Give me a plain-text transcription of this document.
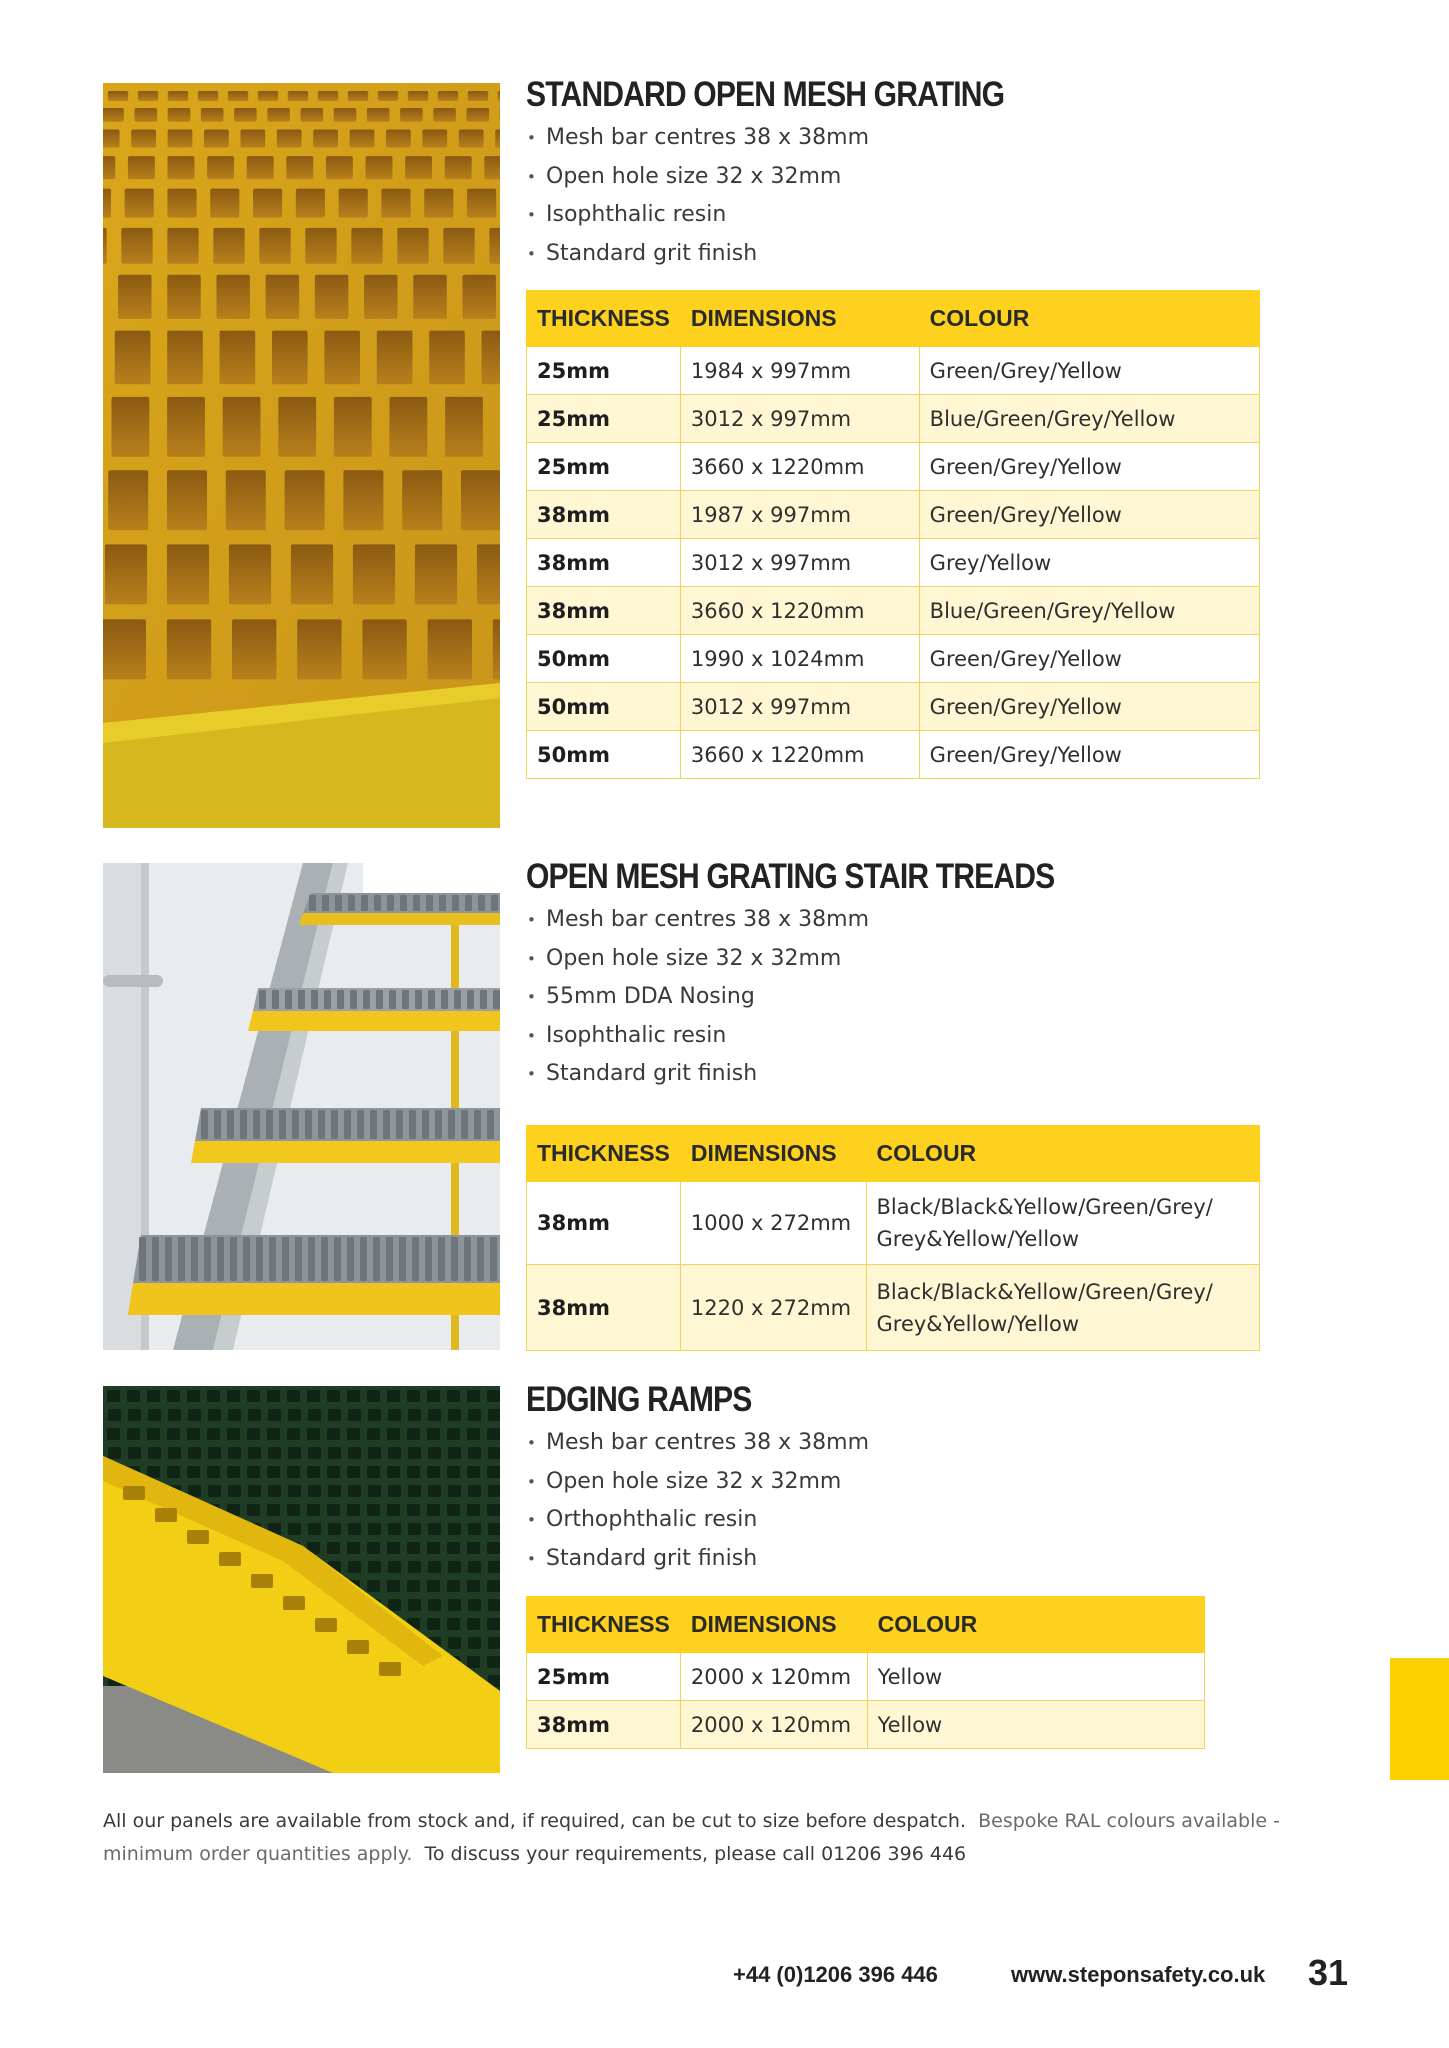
STANDARD OPEN MESH GRATING
• Mesh bar centres 38 x 38mm
• Open hole size 32 x 32mm
• Isophthalic resin
• Standard grit finish
THICKNESS	DIMENSIONS	COLOUR
25mm	1984 x 997mm	Green/Grey/Yellow
25mm	3012 x 997mm	Blue/Green/Grey/Yellow
25mm	3660 x 1220mm	Green/Grey/Yellow
38mm	1987 x 997mm	Green/Grey/Yellow
38mm	3012 x 997mm	Grey/Yellow
38mm	3660 x 1220mm	Blue/Green/Grey/Yellow
50mm	1990 x 1024mm	Green/Grey/Yellow
50mm	3012 x 997mm	Green/Grey/Yellow
50mm	3660 x 1220mm	Green/Grey/Yellow
OPEN MESH GRATING STAIR TREADS
• Mesh bar centres 38 x 38mm
• Open hole size 32 x 32mm
• 55mm DDA Nosing
• Isophthalic resin
• Standard grit finish
THICKNESS	DIMENSIONS	COLOUR
38mm	1000 x 272mm	Black/Black&Yellow/Green/Grey/ Grey&Yellow/Yellow
38mm	1220 x 272mm	Black/Black&Yellow/Green/Grey/ Grey&Yellow/Yellow
EDGING RAMPS
• Mesh bar centres 38 x 38mm
• Open hole size 32 x 32mm
• Orthophthalic resin
• Standard grit finish
THICKNESS	DIMENSIONS	COLOUR
25mm	2000 x 120mm	Yellow
38mm	2000 x 120mm	Yellow

All our panels are available from stock and, if required, can be cut to size before despatch. Bespoke RAL colours available - minimum order quantities apply. To discuss your requirements, please call 01206 396 446

+44 (0)1206 396 446	www.steponsafety.co.uk 31
